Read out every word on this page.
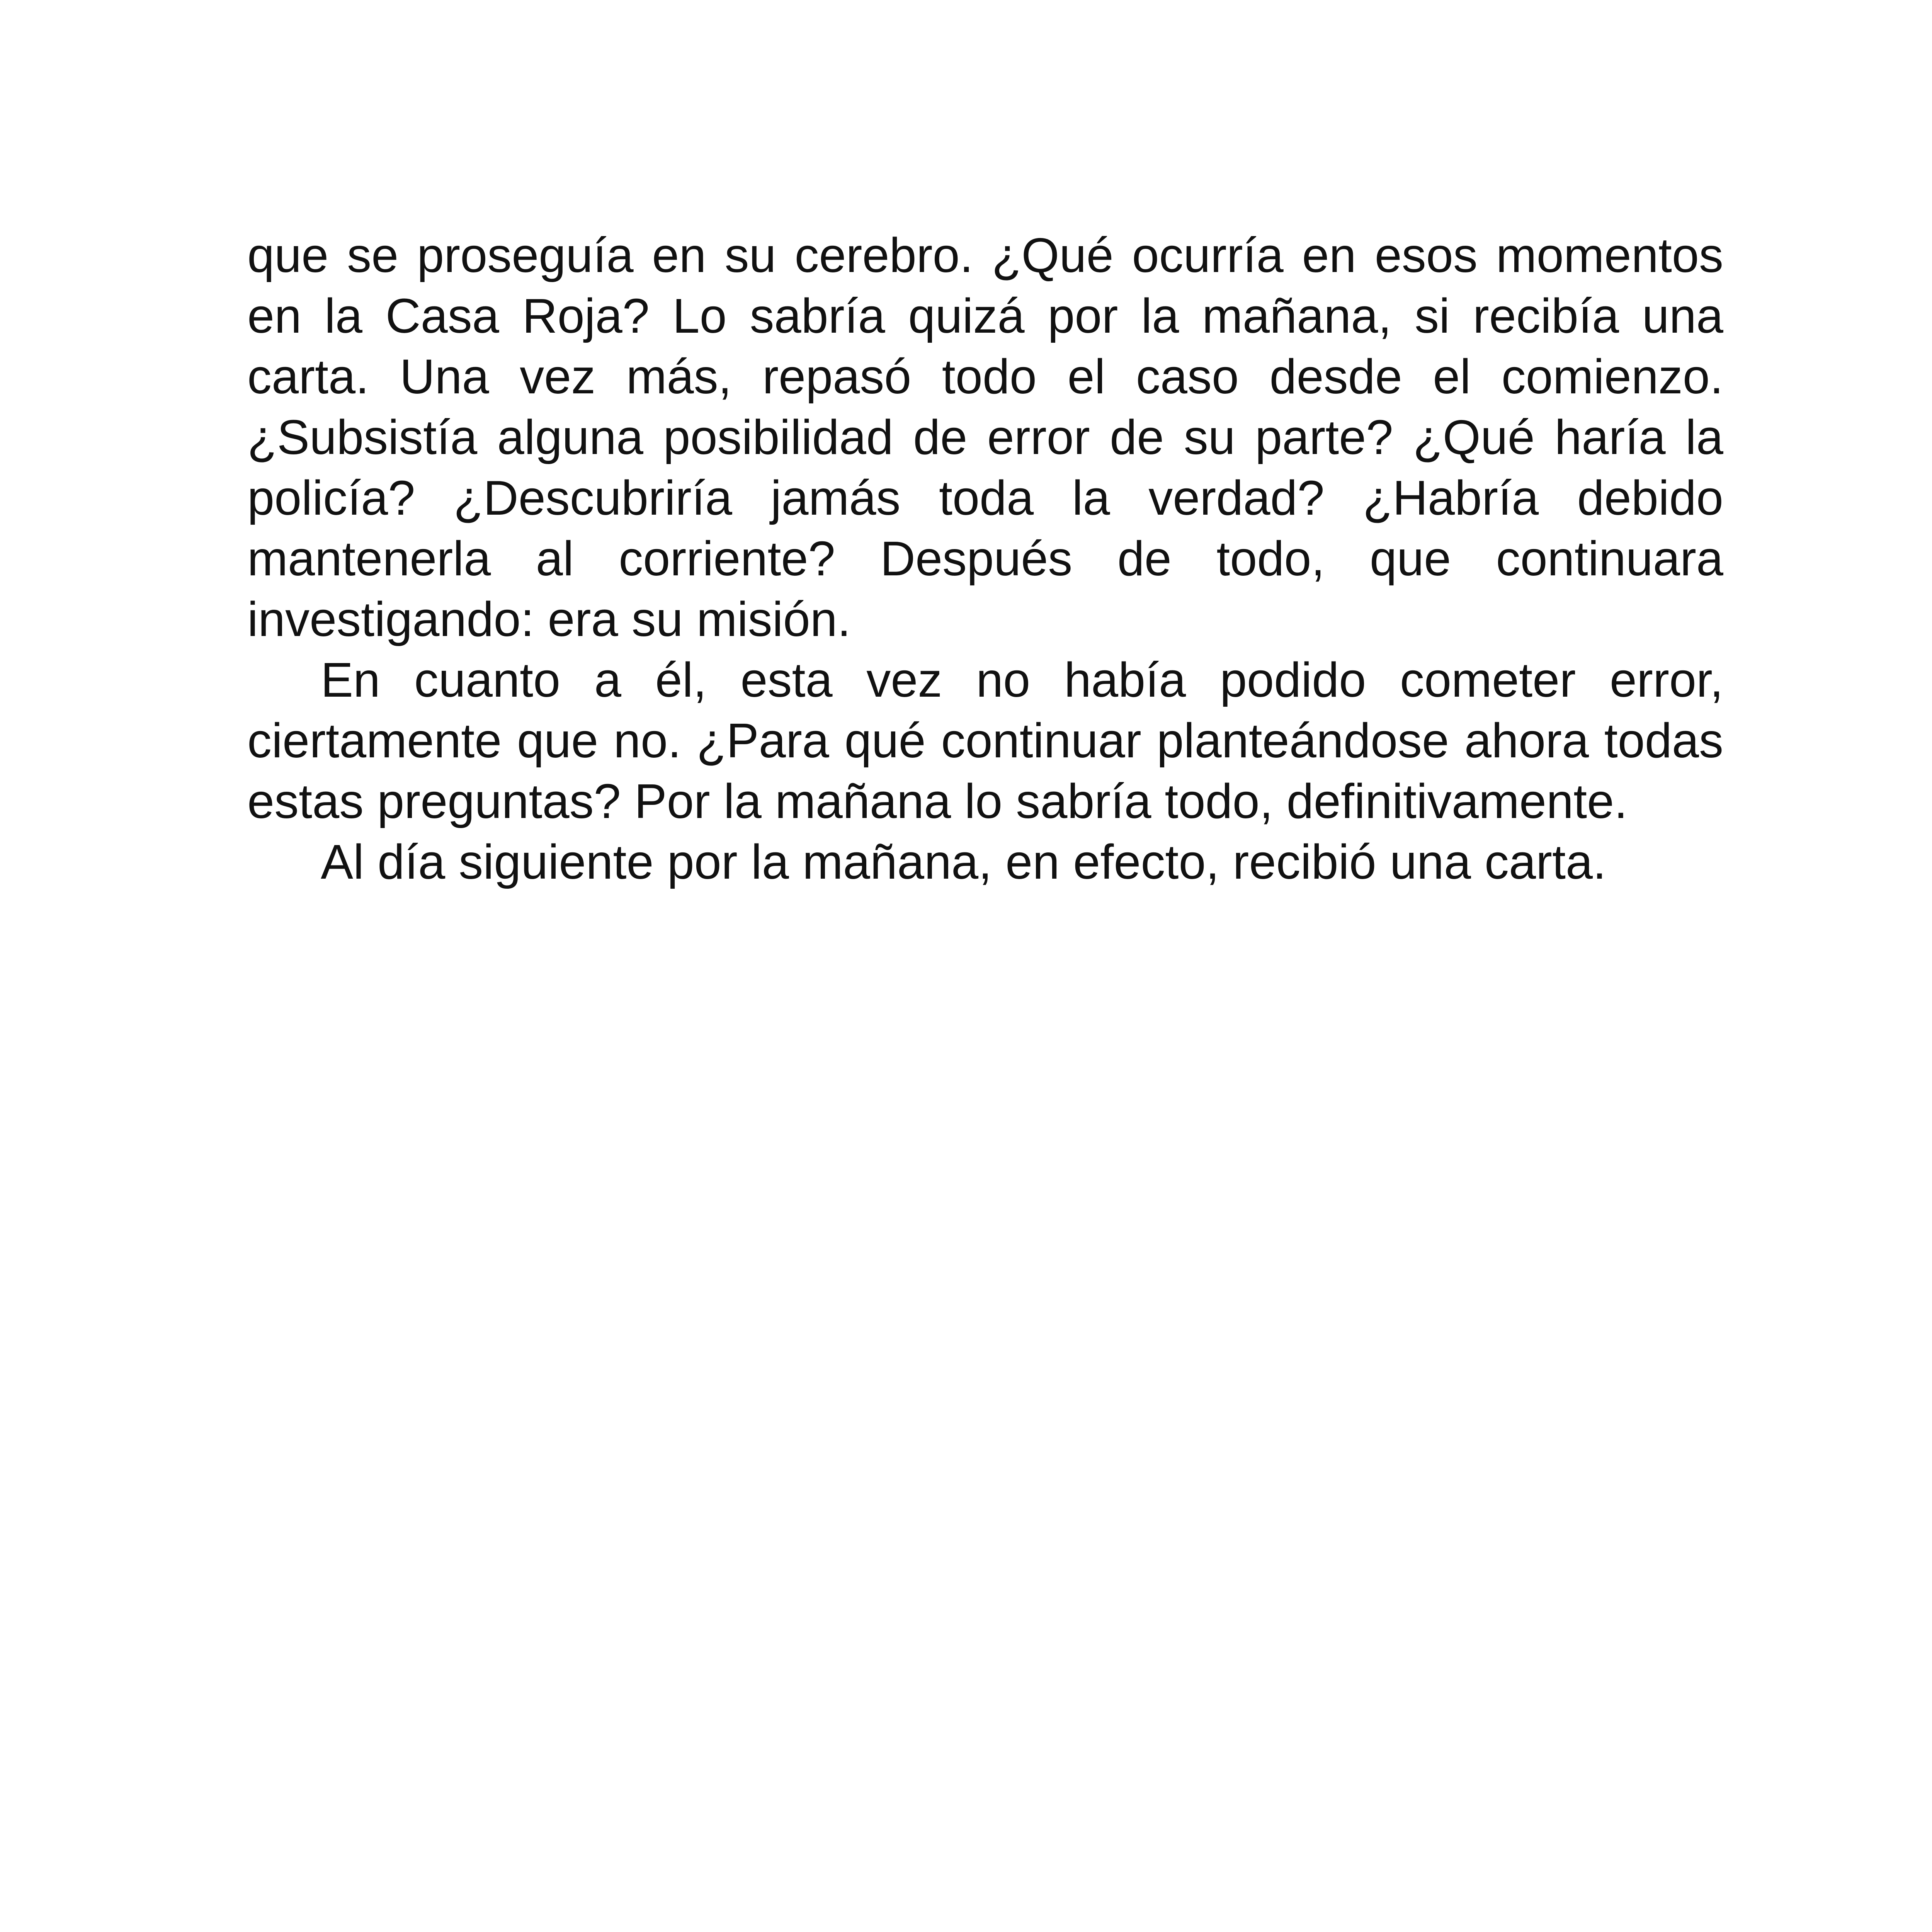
que se proseguía en su cerebro. ¿Qué ocurría en esos momentos en la Casa Roja? Lo sabría quizá por la mañana, si recibía una carta. Una vez más, repasó todo el caso desde el comienzo. ¿Subsistía alguna posibilidad de error de su parte? ¿Qué haría la policía? ¿Descubriría jamás toda la verdad? ¿Habría debido mantenerla al corriente? Después de todo, que continuara investigando: era su misión.

En cuanto a él, esta vez no había podido cometer error, ciertamente que no. ¿Para qué continuar planteándose ahora todas estas preguntas? Por la mañana lo sabría todo, definitivamente.

Al día siguiente por la mañana, en efecto, recibió una carta.
